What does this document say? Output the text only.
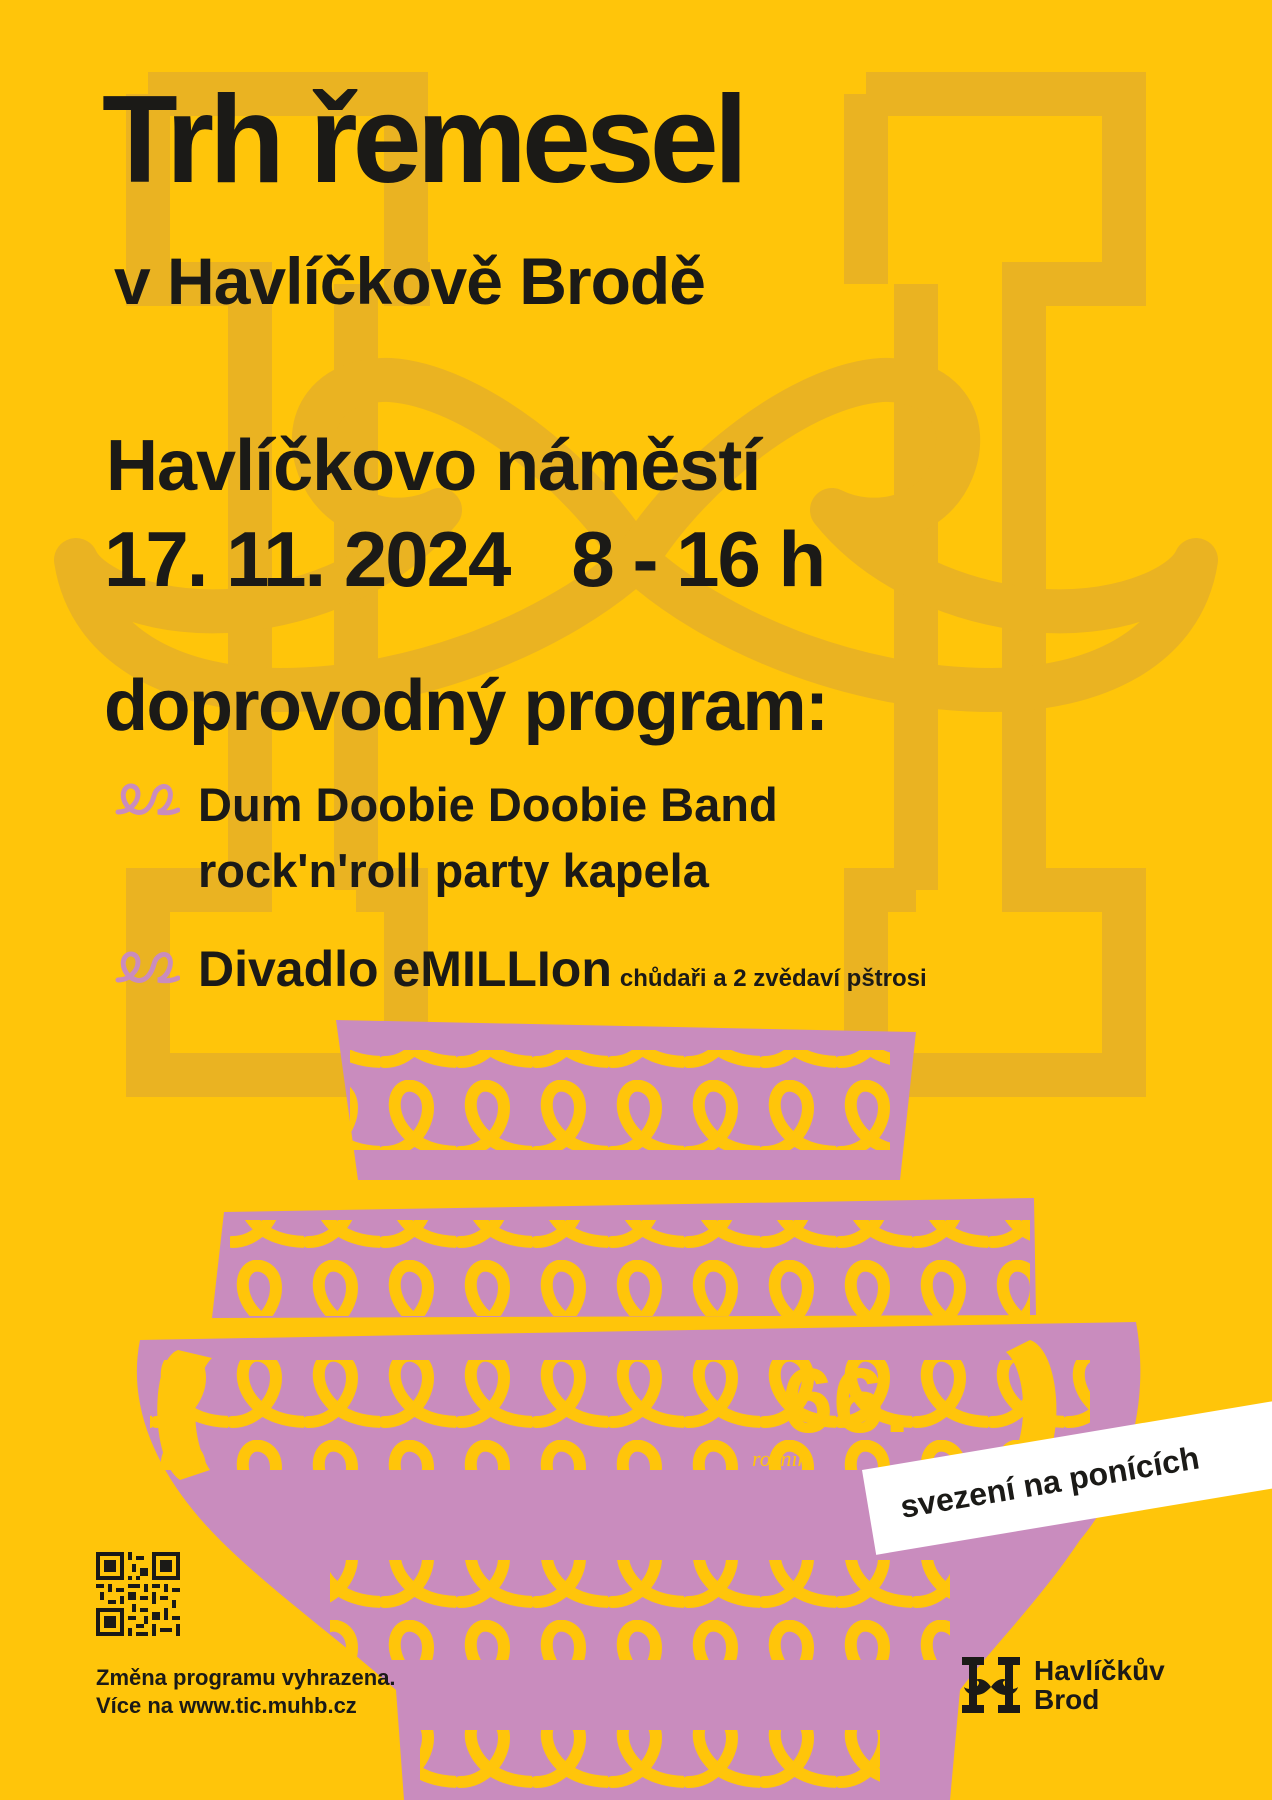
66.
ročník
Trh řemesel
v Havlíčkově Brodě
Havlíčkovo náměstí
17. 11. 2024 8 - 16 h
doprovodný program:
Dum Doobie Doobie Band
rock'n'roll party kapela
Divadlo eMILLIon chůdaři a 2 zvědaví pštrosi
svezení na ponících
Změna programu vyhrazena.
Více na www.tic.muhb.cz
Havlíčkův
Brod
